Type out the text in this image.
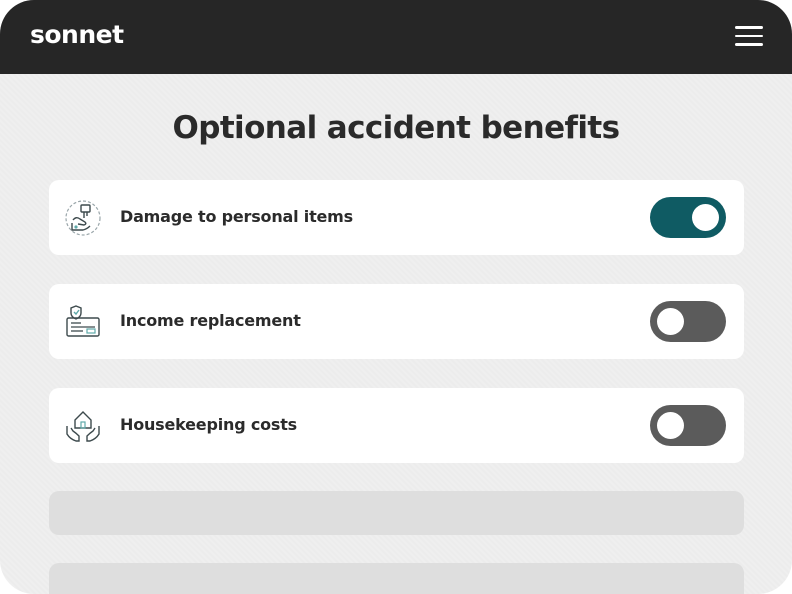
sonnet
Optional accident benefits
Damage to personal items
Income replacement
Housekeeping costs
